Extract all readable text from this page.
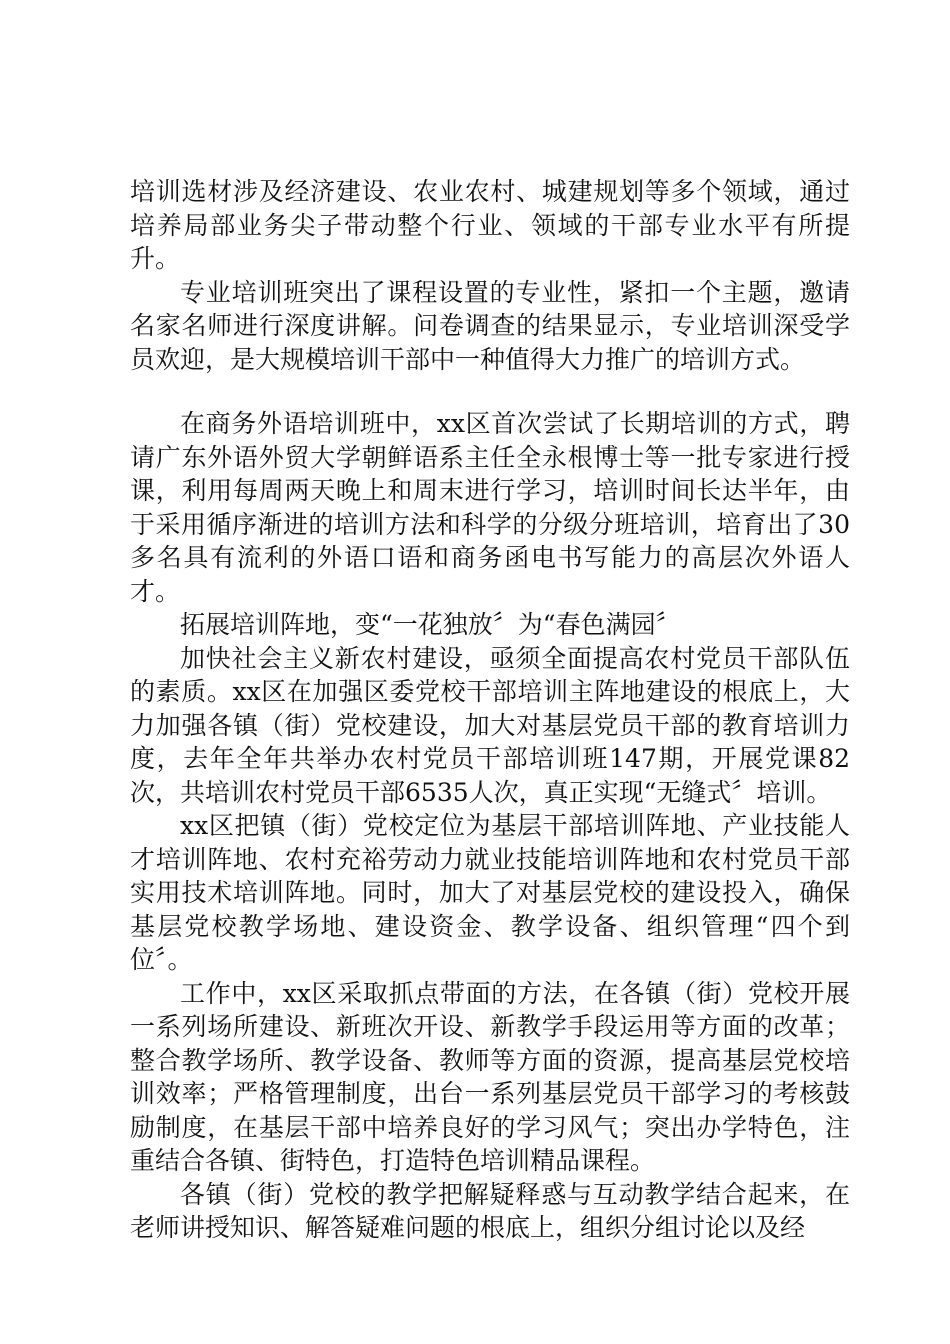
培训选材涉及经济建设、农业农村、城建规划等多个领域，通过培养局部业务尖子带动整个行业、领域的干部专业水平有所提升。

专业培训班突出了课程设置的专业性，紧扣一个主题，邀请名家名师进行深度讲解。问卷调查的结果显示，专业培训深受学员欢迎，是大规模培训干部中一种值得大力推广的培训方式。

在商务外语培训班中，xx区首次尝试了长期培训的方式，聘请广东外语外贸大学朝鲜语系主任全永根博士等一批专家进行授课，利用每周两天晚上和周末进行学习，培训时间长达半年，由于采用循序渐进的培训方法和科学的分级分班培训，培育出了30多名具有流利的外语口语和商务函电书写能力的高层次外语人才。

拓展培训阵地，变“一花独放〞为“春色满园〞

加快社会主义新农村建设，亟须全面提高农村党员干部队伍的素质。xx区在加强区委党校干部培训主阵地建设的根底上，大力加强各镇（街）党校建设，加大对基层党员干部的教育培训力度，去年全年共举办农村党员干部培训班147期，开展党课82次，共培训农村党员干部6535人次，真正实现“无缝式〞培训。

xx区把镇（街）党校定位为基层干部培训阵地、产业技能人才培训阵地、农村充裕劳动力就业技能培训阵地和农村党员干部实用技术培训阵地。同时，加大了对基层党校的建设投入，确保基层党校教学场地、建设资金、教学设备、组织管理“四个到位〞。

工作中，xx区采取抓点带面的方法，在各镇（街）党校开展一系列场所建设、新班次开设、新教学手段运用等方面的改革；整合教学场所、教学设备、教师等方面的资源，提高基层党校培训效率；严格管理制度，出台一系列基层党员干部学习的考核鼓励制度，在基层干部中培养良好的学习风气；突出办学特色，注重结合各镇、街特色，打造特色培训精品课程。

各镇（街）党校的教学把解疑释惑与互动教学结合起来，在老师讲授知识、解答疑难问题的根底上，组织分组讨论以及经
